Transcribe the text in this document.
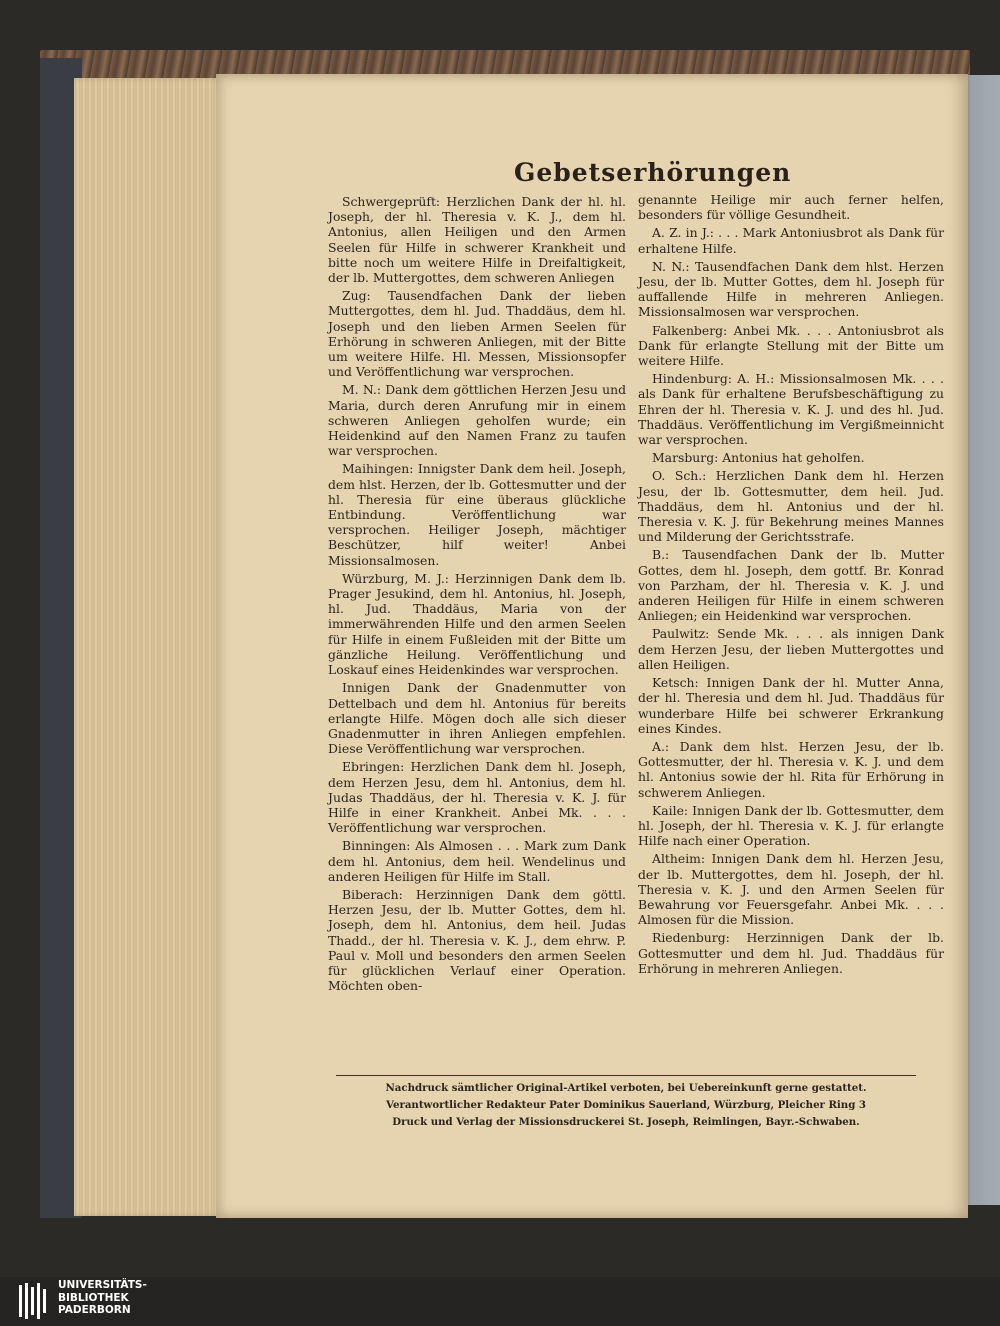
Gebetserhörungen

Schwergeprüft: Herzlichen Dank der hl. hl. Joseph, der hl. Theresia v. K. J., dem hl. Antonius, allen Heiligen und den Armen Seelen für Hilfe in schwerer Krankheit und bitte noch um weitere Hilfe in Dreifaltigkeit, der lb. Muttergottes, dem schweren Anliegen

Zug: Tausendfachen Dank der lieben Muttergottes, dem hl. Jud. Thaddäus, dem hl. Joseph und den lieben Armen Seelen für Erhörung in schweren Anliegen, mit der Bitte um weitere Hilfe. Hl. Messen, Missionsopfer und Veröffentlichung war versprochen.

M. N.: Dank dem göttlichen Herzen Jesu und Maria, durch deren Anrufung mir in einem schweren Anliegen geholfen wurde; ein Heidenkind auf den Namen Franz zu taufen war versprochen.

Maihingen: Innigster Dank dem heil. Joseph, dem hlst. Herzen, der lb. Gottesmutter und der hl. Theresia für eine überaus glückliche Entbindung. Veröffentlichung war versprochen. Heiliger Joseph, mächtiger Beschützer, hilf weiter! Anbei Missionsalmosen.

Würzburg, M. J.: Herzinnigen Dank dem lb. Prager Jesukind, dem hl. Antonius, hl. Joseph, hl. Jud. Thaddäus, Maria von der immerwährenden Hilfe und den armen Seelen für Hilfe in einem Fußleiden mit der Bitte um gänzliche Heilung. Veröffentlichung und Loskauf eines Heidenkindes war versprochen.

Innigen Dank der Gnadenmutter von Dettelbach und dem hl. Antonius für bereits erlangte Hilfe. Mögen doch alle sich dieser Gnadenmutter in ihren Anliegen empfehlen. Diese Veröffentlichung war versprochen.

Ebringen: Herzlichen Dank dem hl. Joseph, dem Herzen Jesu, dem hl. Antonius, dem hl. Judas Thaddäus, der hl. Theresia v. K. J. für Hilfe in einer Krankheit. Anbei Mk. . . . Veröffentlichung war versprochen.

Binningen: Als Almosen . . . Mark zum Dank dem hl. Antonius, dem heil. Wendelinus und anderen Heiligen für Hilfe im Stall.

Biberach: Herzinnigen Dank dem göttl. Herzen Jesu, der lb. Mutter Gottes, dem hl. Joseph, dem hl. Antonius, dem heil. Judas Thadd., der hl. Theresia v. K. J., dem ehrw. P. Paul v. Moll und besonders den armen Seelen für glücklichen Verlauf einer Operation. Möchten oben-

genannte Heilige mir auch ferner helfen, besonders für völlige Gesundheit.

A. Z. in J.: . . . Mark Antoniusbrot als Dank für erhaltene Hilfe.

N. N.: Tausendfachen Dank dem hlst. Herzen Jesu, der lb. Mutter Gottes, dem hl. Joseph für auffallende Hilfe in mehreren Anliegen. Missionsalmosen war versprochen.

Falkenberg: Anbei Mk. . . . Antoniusbrot als Dank für erlangte Stellung mit der Bitte um weitere Hilfe.

Hindenburg: A. H.: Missionsalmosen Mk. . . . als Dank für erhaltene Berufsbeschäftigung zu Ehren der hl. Theresia v. K. J. und des hl. Jud. Thaddäus. Veröffentlichung im Vergißmeinnicht war versprochen.

Marsburg: Antonius hat geholfen.

O. Sch.: Herzlichen Dank dem hl. Herzen Jesu, der lb. Gottesmutter, dem heil. Jud. Thaddäus, dem hl. Antonius und der hl. Theresia v. K. J. für Bekehrung meines Mannes und Milderung der Gerichtsstrafe.

B.: Tausendfachen Dank der lb. Mutter Gottes, dem hl. Joseph, dem gottf. Br. Konrad von Parzham, der hl. Theresia v. K. J. und anderen Heiligen für Hilfe in einem schweren Anliegen; ein Heidenkind war versprochen.

Paulwitz: Sende Mk. . . . als innigen Dank dem Herzen Jesu, der lieben Muttergottes und allen Heiligen.

Ketsch: Innigen Dank der hl. Mutter Anna, der hl. Theresia und dem hl. Jud. Thaddäus für wunderbare Hilfe bei schwerer Erkrankung eines Kindes.

A.: Dank dem hlst. Herzen Jesu, der lb. Gottesmutter, der hl. Theresia v. K. J. und dem hl. Antonius sowie der hl. Rita für Erhörung in schwerem Anliegen.

Kaile: Innigen Dank der lb. Gottesmutter, dem hl. Joseph, der hl. Theresia v. K. J. für erlangte Hilfe nach einer Operation.

Altheim: Innigen Dank dem hl. Herzen Jesu, der lb. Muttergottes, dem hl. Joseph, der hl. Theresia v. K. J. und den Armen Seelen für Bewahrung vor Feuersgefahr. Anbei Mk. . . . Almosen für die Mission.

Riedenburg: Herzinnigen Dank der lb. Gottesmutter und dem hl. Jud. Thaddäus für Erhörung in mehreren Anliegen.

Nachdruck sämtlicher Original-Artikel verboten, bei Uebereinkunft gerne gestattet.
Verantwortlicher Redakteur Pater Dominikus Sauerland, Würzburg, Pleicher Ring 3
Druck und Verlag der Missionsdruckerei St. Joseph, Reimlingen, Bayr.-Schwaben.
UNIVERSITÄTS-
BIBLIOTHEK
PADERBORN
